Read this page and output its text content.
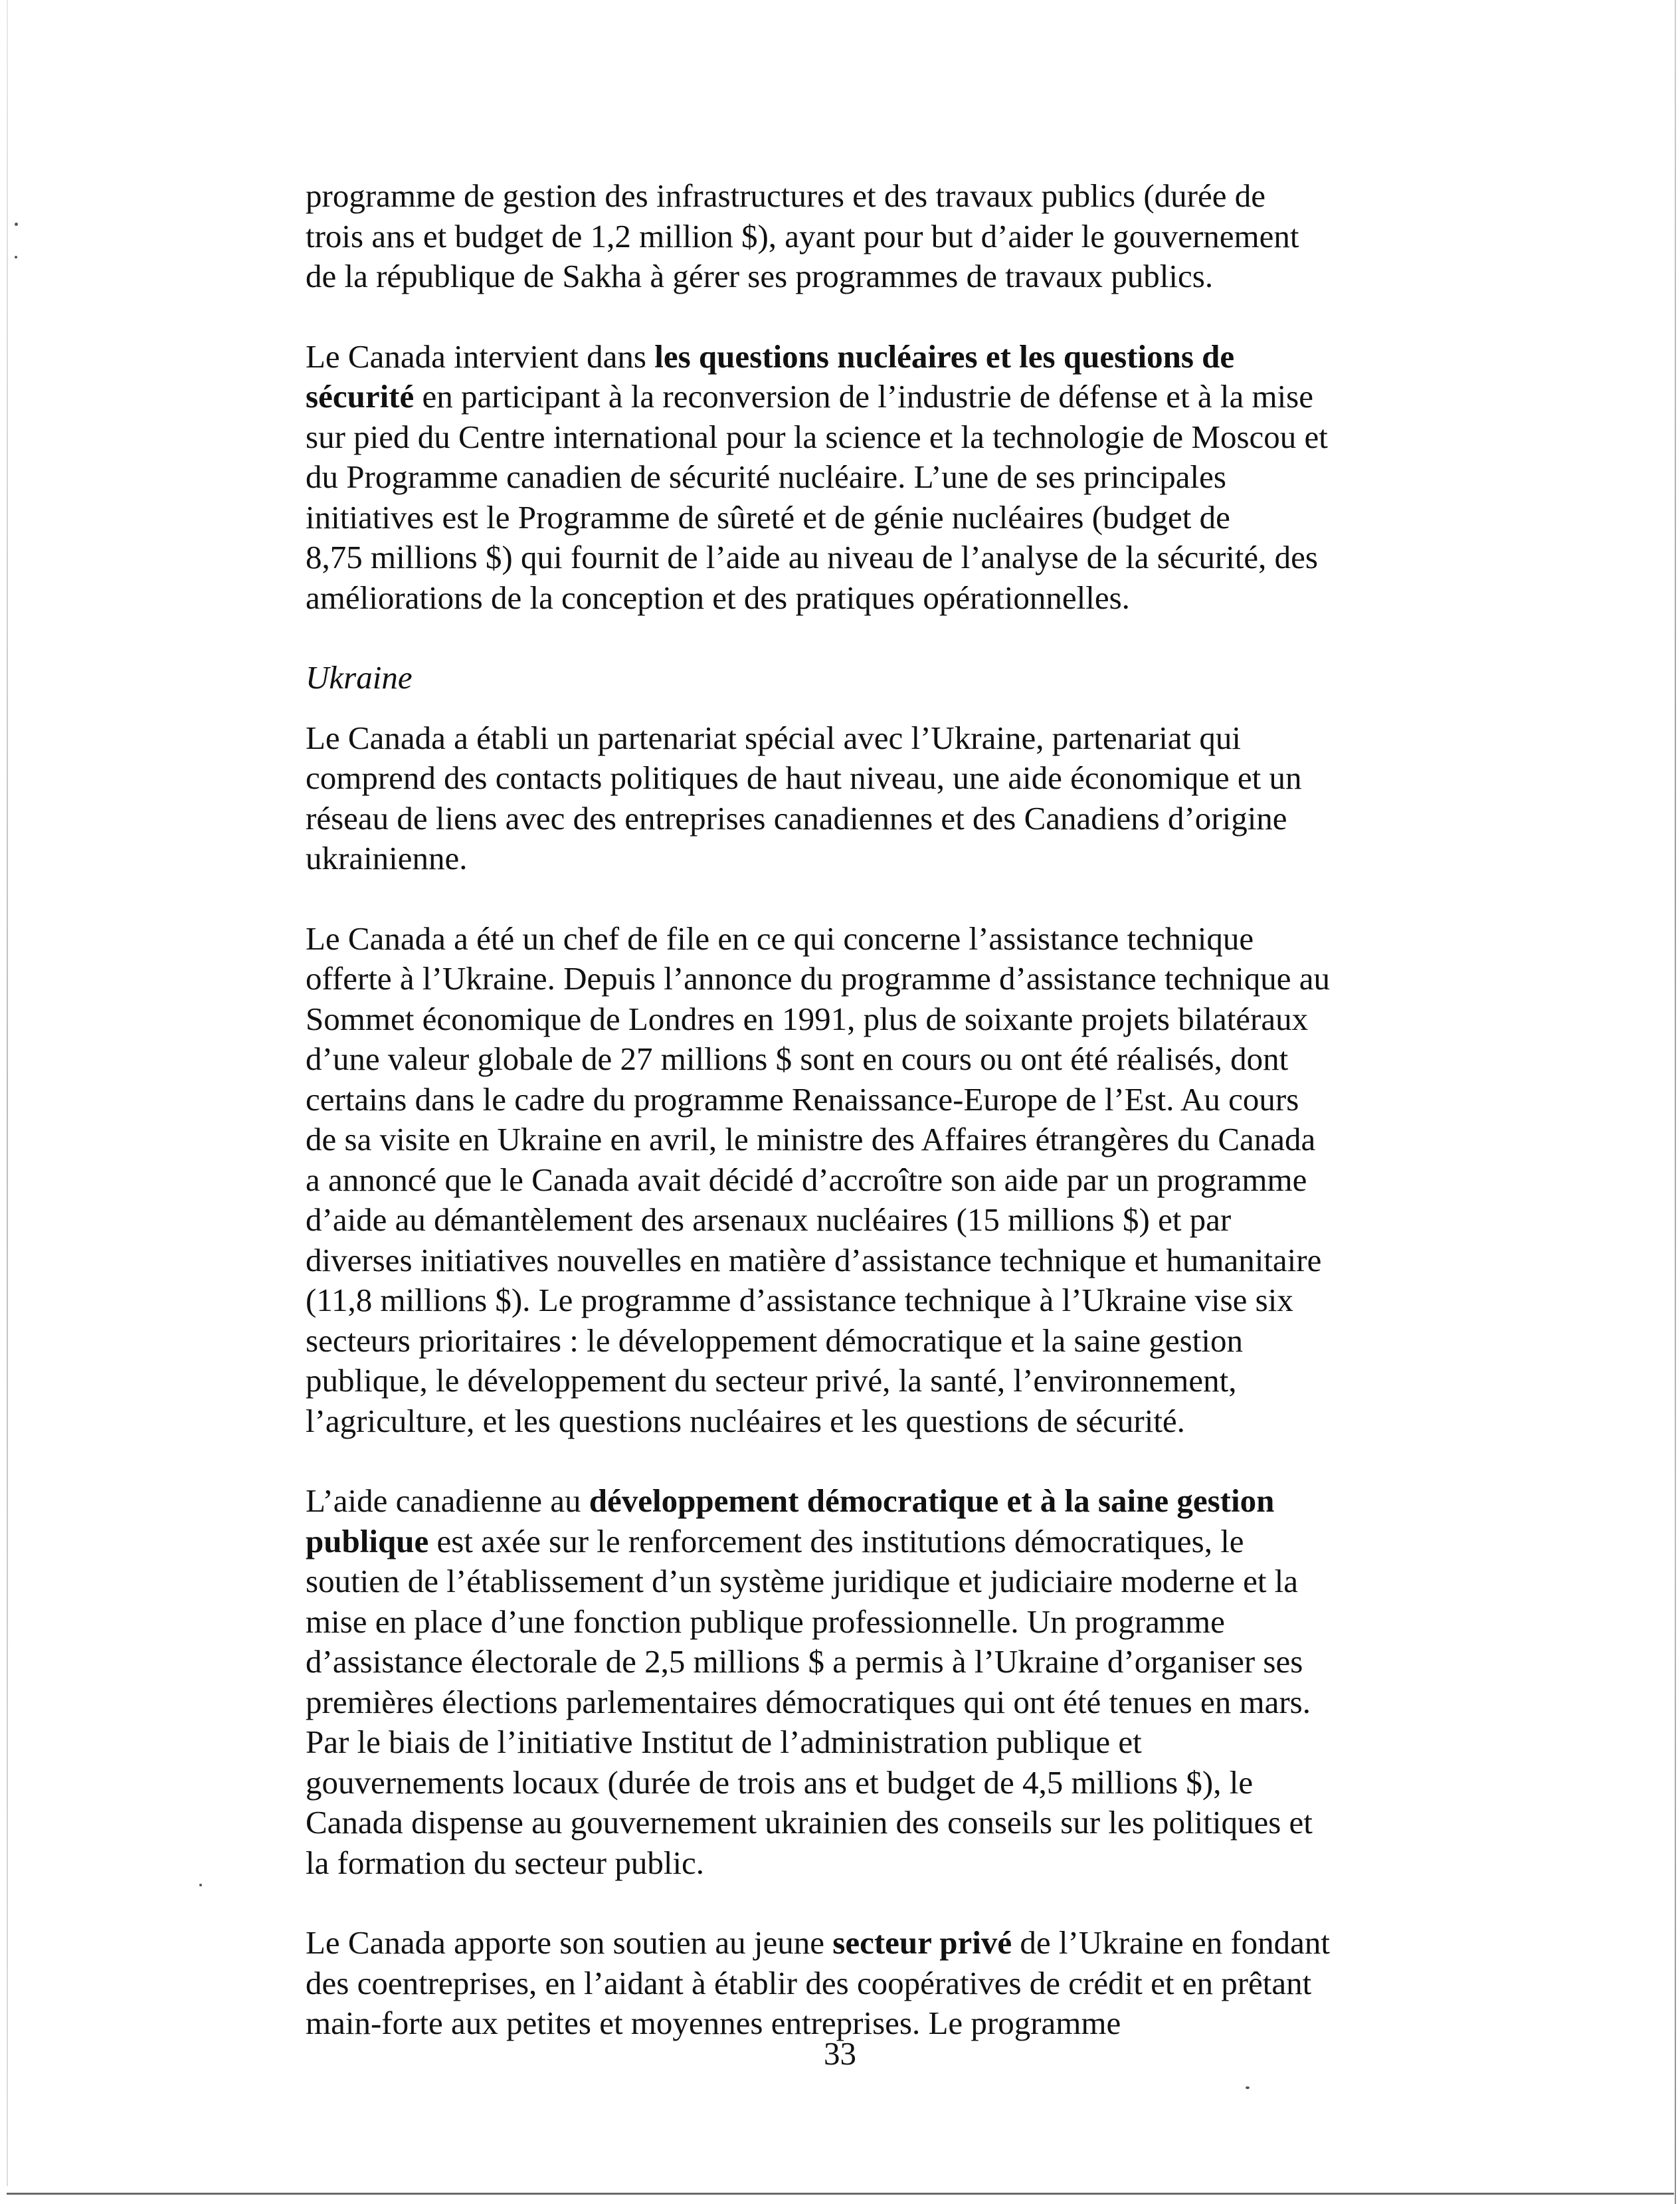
programme de gestion des infrastructures et des travaux publics (durée de
trois ans et budget de 1,2 million $), ayant pour but d’aider le gouvernement
de la république de Sakha à gérer ses programmes de travaux publics.

Le Canada intervient dans les questions nucléaires et les questions de
sécurité en participant à la reconversion de l’industrie de défense et à la mise
sur pied du Centre international pour la science et la technologie de Moscou et
du Programme canadien de sécurité nucléaire. L’une de ses principales
initiatives est le Programme de sûreté et de génie nucléaires (budget de
8,75 millions $) qui fournit de l’aide au niveau de l’analyse de la sécurité, des
améliorations de la conception et des pratiques opérationnelles.

Ukraine

Le Canada a établi un partenariat spécial avec l’Ukraine, partenariat qui
comprend des contacts politiques de haut niveau, une aide économique et un
réseau de liens avec des entreprises canadiennes et des Canadiens d’origine
ukrainienne.

Le Canada a été un chef de file en ce qui concerne l’assistance technique
offerte à l’Ukraine. Depuis l’annonce du programme d’assistance technique au
Sommet économique de Londres en 1991, plus de soixante projets bilatéraux
d’une valeur globale de 27 millions $ sont en cours ou ont été réalisés, dont
certains dans le cadre du programme Renaissance-Europe de l’Est. Au cours
de sa visite en Ukraine en avril, le ministre des Affaires étrangères du Canada
a annoncé que le Canada avait décidé d’accroître son aide par un programme
d’aide au démantèlement des arsenaux nucléaires (15 millions $) et par
diverses initiatives nouvelles en matière d’assistance technique et humanitaire
(11,8 millions $). Le programme d’assistance technique à l’Ukraine vise six
secteurs prioritaires : le développement démocratique et la saine gestion
publique, le développement du secteur privé, la santé, l’environnement,
l’agriculture, et les questions nucléaires et les questions de sécurité.

L’aide canadienne au développement démocratique et à la saine gestion
publique est axée sur le renforcement des institutions démocratiques, le
soutien de l’établissement d’un système juridique et judiciaire moderne et la
mise en place d’une fonction publique professionnelle. Un programme
d’assistance électorale de 2,5 millions $ a permis à l’Ukraine d’organiser ses
premières élections parlementaires démocratiques qui ont été tenues en mars.
Par le biais de l’initiative Institut de l’administration publique et
gouvernements locaux (durée de trois ans et budget de 4,5 millions $), le
Canada dispense au gouvernement ukrainien des conseils sur les politiques et
la formation du secteur public.

Le Canada apporte son soutien au jeune secteur privé de l’Ukraine en fondant
des coentreprises, en l’aidant à établir des coopératives de crédit et en prêtant
main-forte aux petites et moyennes entreprises. Le programme

33
